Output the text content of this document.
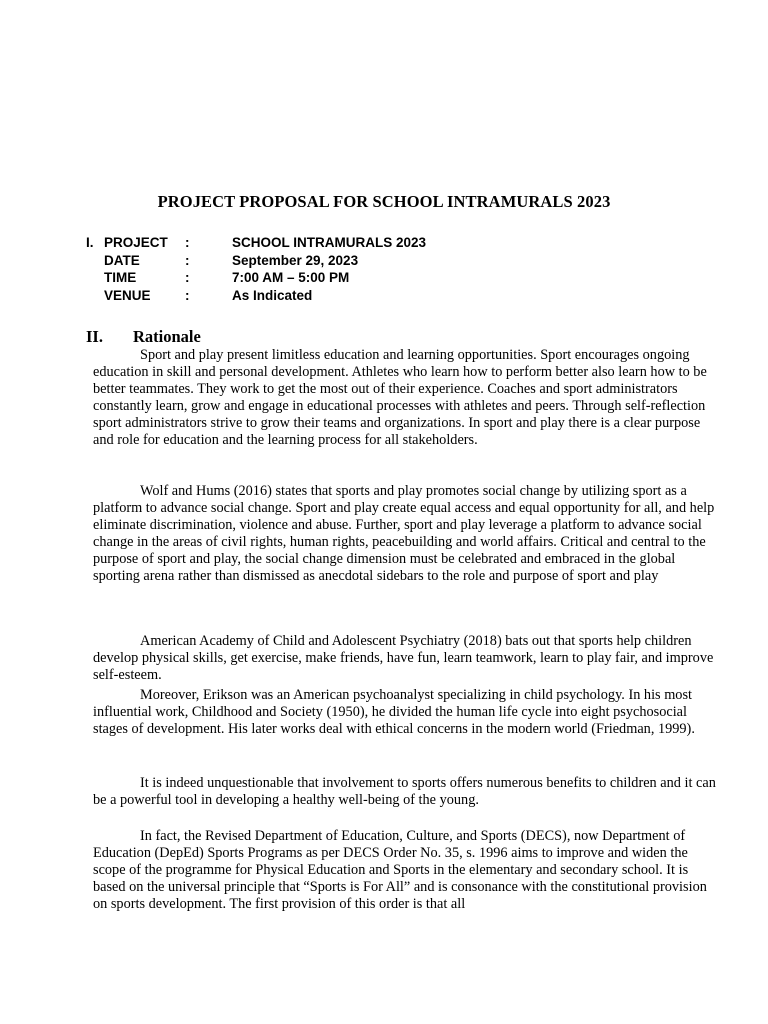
PROJECT PROPOSAL FOR SCHOOL INTRAMURALS 2023
I. PROJECT :	SCHOOL INTRAMURALS 2023
DATE	:	September 29, 2023
TIME	:	7:00 AM – 5:00 PM
VENUE	:	As Indicated
II. Rationale

Sport and play present limitless education and learning opportunities. Sport encourages ongoing education in skill and personal development. Athletes who learn how to perform better also learn how to be better teammates. They work to get the most out of their experience. Coaches and sport administrators constantly learn, grow and engage in educational processes with athletes and peers. Through self-reflection sport administrators strive to grow their teams and organizations. In sport and play there is a clear purpose and role for education and the learning process for all stakeholders.

Wolf and Hums (2016) states that sports and play promotes social change by utilizing sport as a platform to advance social change. Sport and play create equal access and equal opportunity for all, and help eliminate discrimination, violence and abuse. Further, sport and play leverage a platform to advance social change in the areas of civil rights, human rights, peacebuilding and world affairs. Critical and central to the purpose of sport and play, the social change dimension must be celebrated and embraced in the global sporting arena rather than dismissed as anecdotal sidebars to the role and purpose of sport and play

American Academy of Child and Adolescent Psychiatry (2018) bats out that sports help children develop physical skills, get exercise, make friends, have fun, learn teamwork, learn to play fair, and improve self-esteem.

Moreover, Erikson was an American psychoanalyst specializing in child psychology. In his most influential work, Childhood and Society (1950), he divided the human life cycle into eight psychosocial stages of development. His later works deal with ethical concerns in the modern world (Friedman, 1999).

It is indeed unquestionable that involvement to sports offers numerous benefits to children and it can be a powerful tool in developing a healthy well-being of the young.

In fact, the Revised Department of Education, Culture, and Sports (DECS), now Department of Education (DepEd) Sports Programs as per DECS Order No. 35, s. 1996 aims to improve and widen the scope of the programme for Physical Education and Sports in the elementary and secondary school. It is based on the universal principle that “Sports is For All” and is consonance with the constitutional provision on sports development. The first provision of this order is that all
